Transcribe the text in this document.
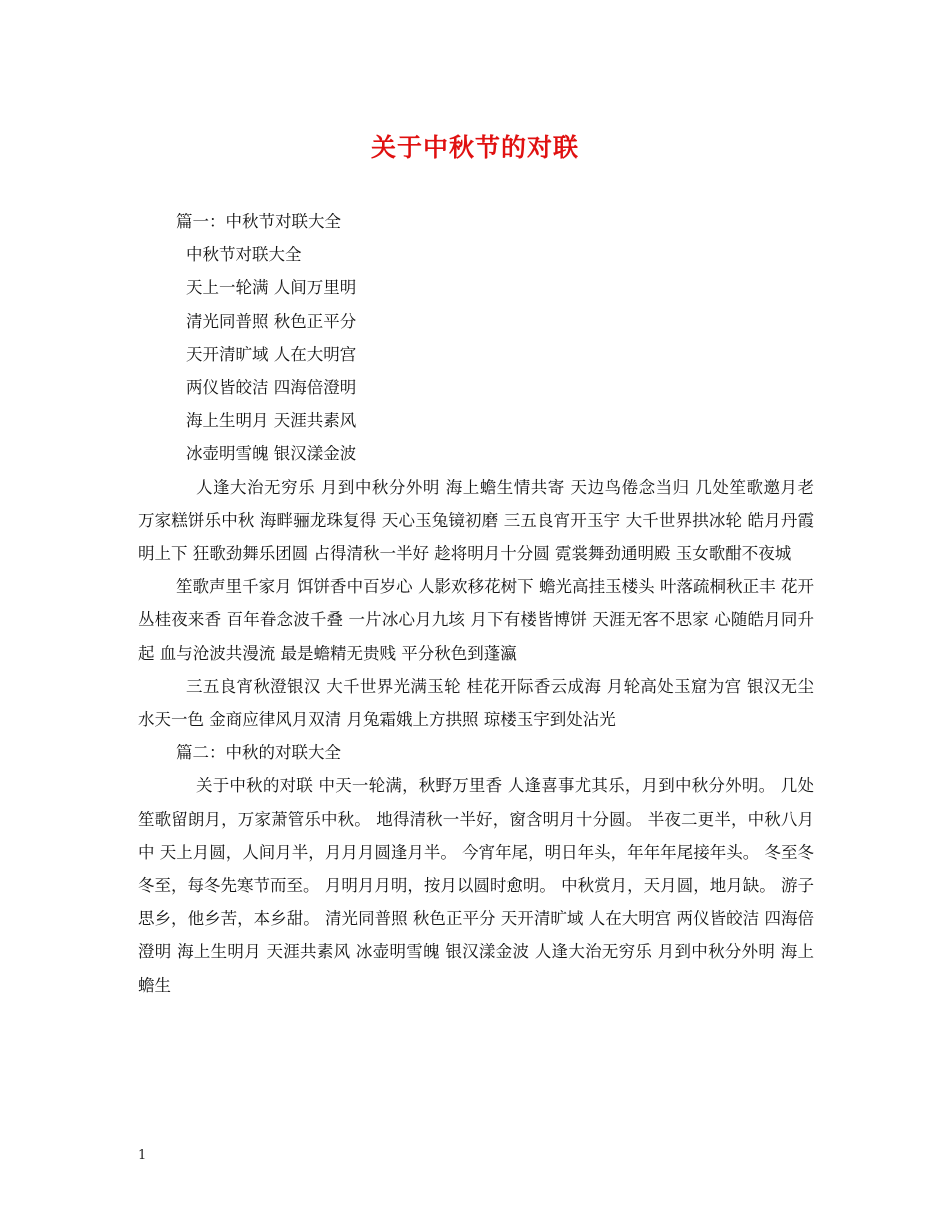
关于中秋节的对联
篇一：中秋节对联大全
中秋节对联大全
天上一轮满 人间万里明
清光同普照 秋色正平分
天开清旷域 人在大明宫
两仪皆皎洁 四海倍澄明
海上生明月 天涯共素风
冰壶明雪魄 银汉漾金波
人逢大治无穷乐 月到中秋分外明 海上蟾生情共寄 天边鸟倦念当归 几处笙歌邀月老 万家糕饼乐中秋 海畔骊龙珠复得 天心玉兔镜初磨 三五良宵开玉宇 大千世界拱冰轮 皓月丹霞明上下 狂歌劲舞乐团圆 占得清秋一半好 趁将明月十分圆 霓裳舞劲通明殿 玉女歌酣不夜城
笙歌声里千家月 饵饼香中百岁心 人影欢移花树下 蟾光高挂玉楼头 叶落疏桐秋正丰 花开丛桂夜来香 百年眷念波千叠 一片冰心月九垓 月下有楼皆博饼 天涯无客不思家 心随皓月同升起 血与沧波共漫流 最是蟾精无贵贱 平分秋色到蓬瀛
三五良宵秋澄银汉 大千世界光满玉轮 桂花开际香云成海 月轮高处玉窟为宫 银汉无尘水天一色 金商应律风月双清 月兔霜娥上方拱照 琼楼玉宇到处沾光
篇二：中秋的对联大全
关于中秋的对联 中天一轮满，秋野万里香 人逢喜事尤其乐，月到中秋分外明。 几处笙歌留朗月，万家萧管乐中秋。 地得清秋一半好，窗含明月十分圆。 半夜二更半，中秋八月中 天上月圆，人间月半，月月月圆逢月半。 今宵年尾，明日年头，年年年尾接年头。 冬至冬冬至，每冬先寒节而至。 月明月月明，按月以圆时愈明。 中秋赏月，天月圆，地月缺。 游子思乡，他乡苦，本乡甜。 清光同普照 秋色正平分 天开清旷域 人在大明宫 两仪皆皎洁 四海倍澄明 海上生明月 天涯共素风 冰壶明雪魄 银汉漾金波 人逢大治无穷乐 月到中秋分外明 海上蟾生
1
